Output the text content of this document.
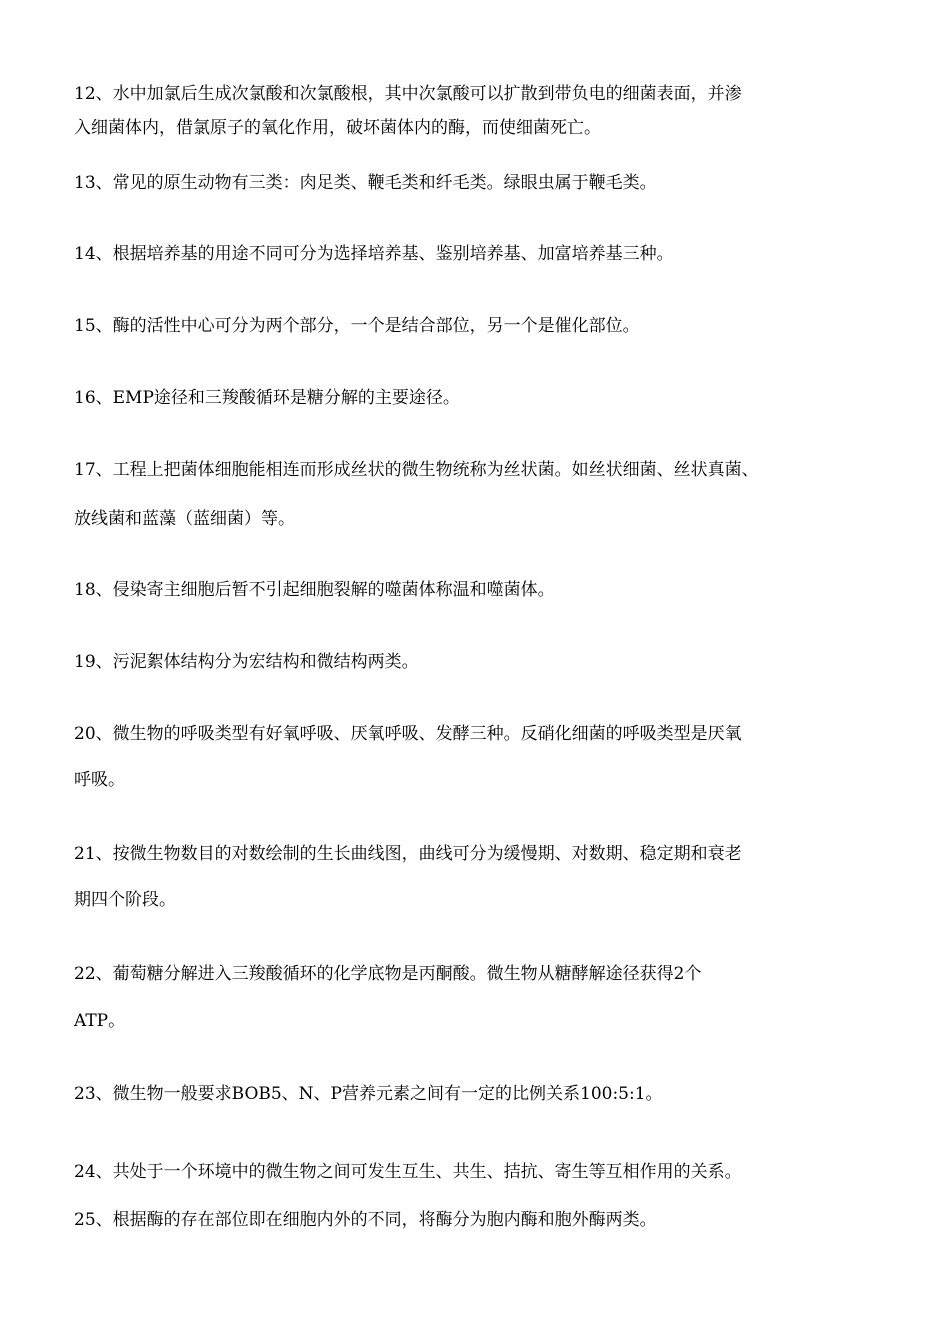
12、水中加氯后生成次氯酸和次氯酸根，其中次氯酸可以扩散到带负电的细菌表面，并渗
入细菌体内，借氯原子的氧化作用，破坏菌体内的酶，而使细菌死亡。
13、常见的原生动物有三类：肉足类、鞭毛类和纤毛类。绿眼虫属于鞭毛类。
14、根据培养基的用途不同可分为选择培养基、鉴别培养基、加富培养基三种。
15、酶的活性中心可分为两个部分，一个是结合部位，另一个是催化部位。
16、EMP途径和三羧酸循环是糖分解的主要途径。
17、工程上把菌体细胞能相连而形成丝状的微生物统称为丝状菌。如丝状细菌、丝状真菌、
放线菌和蓝藻（蓝细菌）等。
18、侵染寄主细胞后暂不引起细胞裂解的噬菌体称温和噬菌体。
19、污泥絮体结构分为宏结构和微结构两类。
20、微生物的呼吸类型有好氧呼吸、厌氧呼吸、发酵三种。反硝化细菌的呼吸类型是厌氧
呼吸。
21、按微生物数目的对数绘制的生长曲线图，曲线可分为缓慢期、对数期、稳定期和衰老
期四个阶段。
22、葡萄糖分解进入三羧酸循环的化学底物是丙酮酸。微生物从糖酵解途径获得2个
ATP。
23、微生物一般要求BOB5、N、P营养元素之间有一定的比例关系100:5:1。
24、共处于一个环境中的微生物之间可发生互生、共生、拮抗、寄生等互相作用的关系。
25、根据酶的存在部位即在细胞内外的不同，将酶分为胞内酶和胞外酶两类。
